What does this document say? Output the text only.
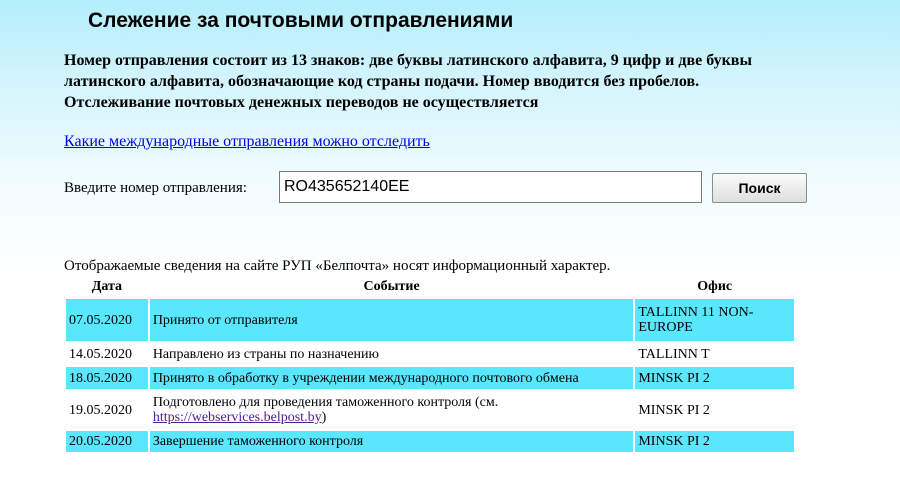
Слежение за почтовыми отправлениями

Номер отправления состоит из 13 знаков: две буквы латинского алфавита, 9 цифр и две буквы
латинского алфавита, обозначающие код страны подачи. Номер вводится без пробелов.
Отслеживание почтовых денежных переводов не осуществляется

Какие международные отправления можно отследить
Введите номер отправления:
RO435652140EE	Поиск
Отображаемые сведения на сайте РУП «Белпочта» носят информационный характер.
Дата	Событие	Офис
07.05.2020	Принято от отправителя	TALLINN 11 NON-EUROPE
14.05.2020	Направлено из страны по назначению	TALLINN T
18.05.2020	Принято в обработку в учреждении международного почтового обмена	MINSK PI 2
19.05.2020	Подготовлено для проведения таможенного контроля (см.
https://webservices.belpost.by)	MINSK PI 2
20.05.2020	Завершение таможенного контроля	MINSK PI 2
